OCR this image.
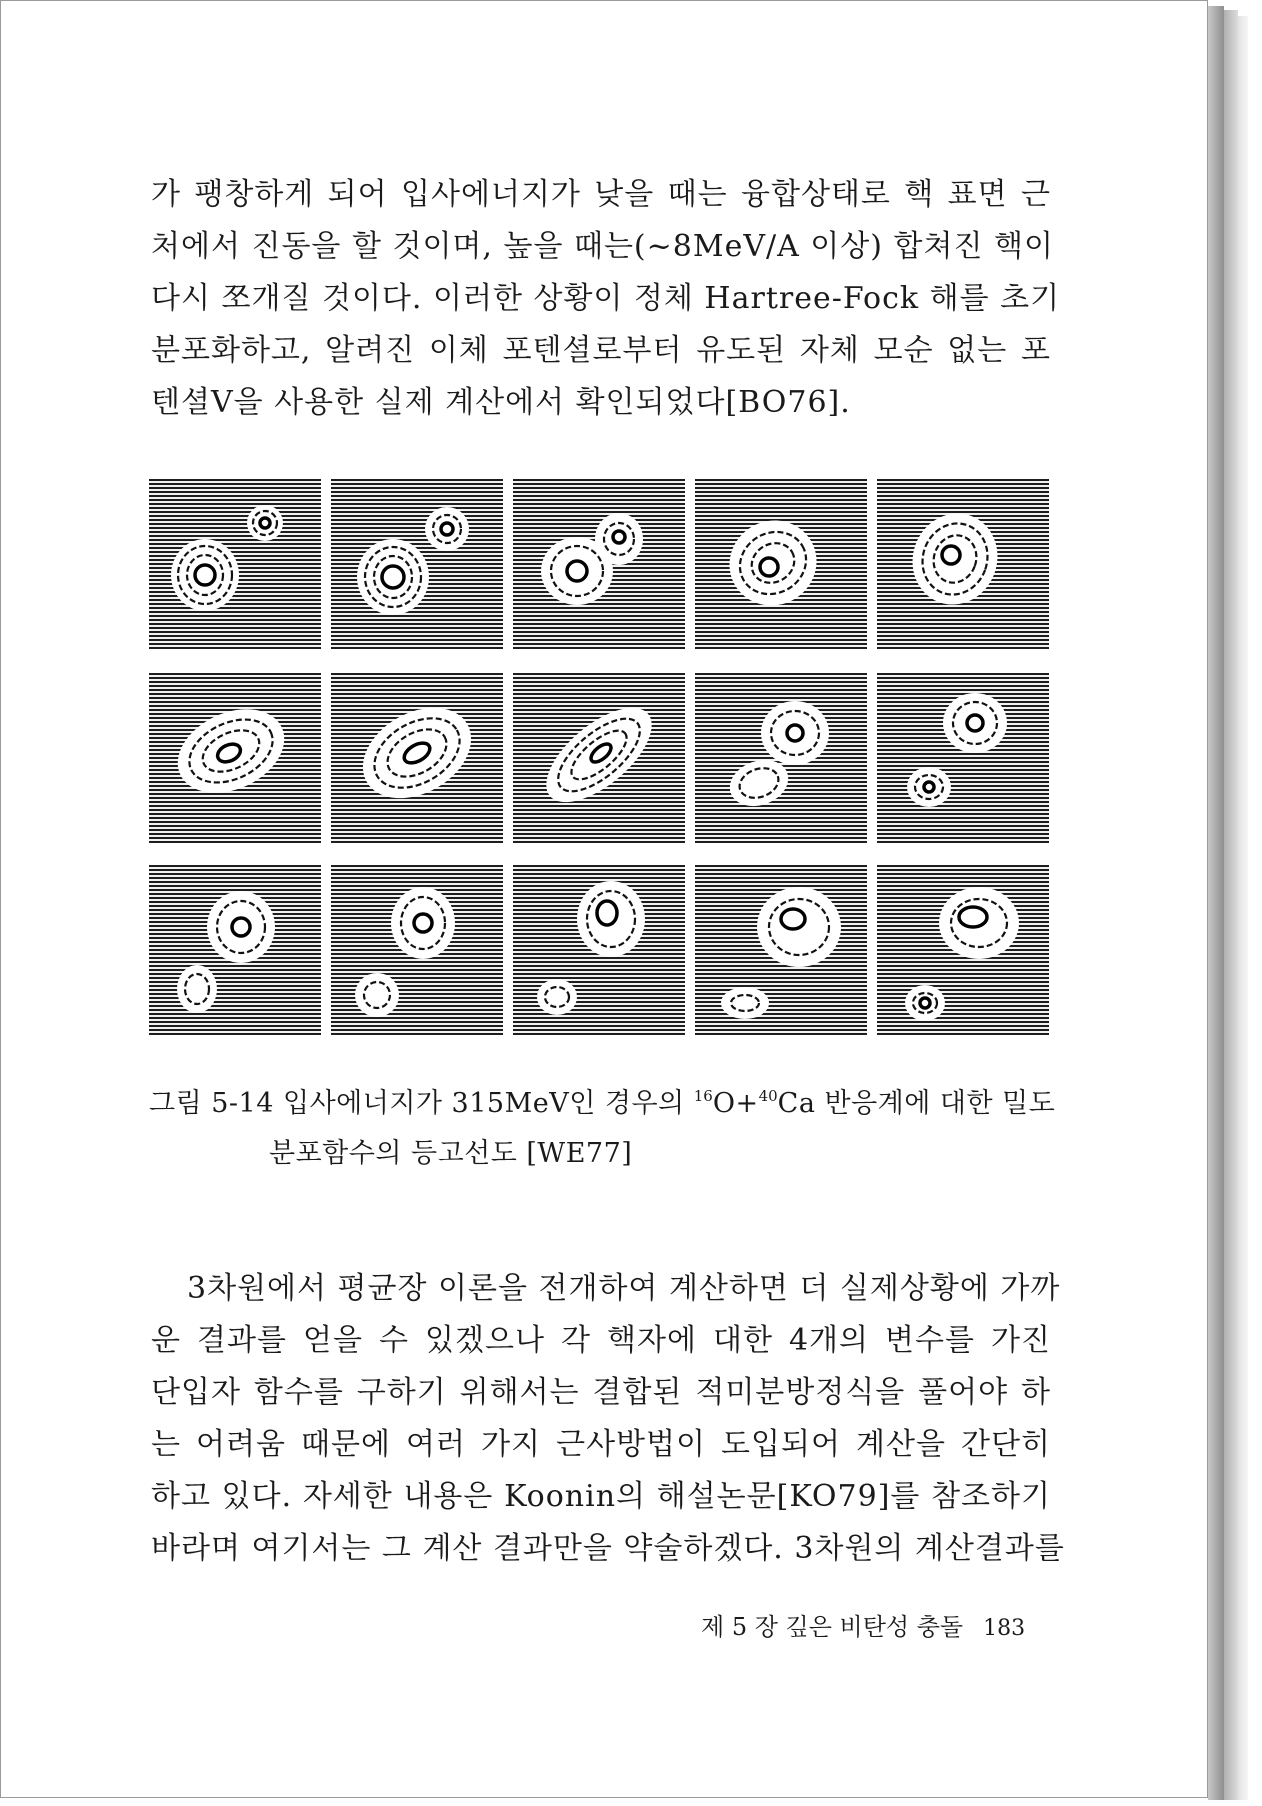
가 팽창하게 되어 입사에너지가 낮을 때는 융합상태로 핵 표면 근
처에서 진동을 할 것이며, 높을 때는(~8MeV/A 이상) 합쳐진 핵이
다시 쪼개질 것이다. 이러한 상황이 정체 Hartree-Fock 해를 초기
분포화하고, 알려진 이체 포텐셜로부터 유도된 자체 모순 없는 포
텐셜V을 사용한 실제 계산에서 확인되었다[BO76].

그림 5-14 입사에너지가 315MeV인 경우의 $^{16}$O+$^{40}$Ca 반응계에 대한 밀도
분포함수의 등고선도 [WE77]

3차원에서 평균장 이론을 전개하여 계산하면 더 실제상황에 가까
운 결과를 얻을 수 있겠으나 각 핵자에 대한 4개의 변수를 가진
단입자 함수를 구하기 위해서는 결합된 적미분방정식을 풀어야 하
는 어려움 때문에 여러 가지 근사방법이 도입되어 계산을 간단히
하고 있다. 자세한 내용은 Koonin의 해설논문[KO79]를 참조하기
바라며 여기서는 그 계산 결과만을 약술하겠다. 3차원의 계산결과를

제 5 장 깊은 비탄성 충돌 183
